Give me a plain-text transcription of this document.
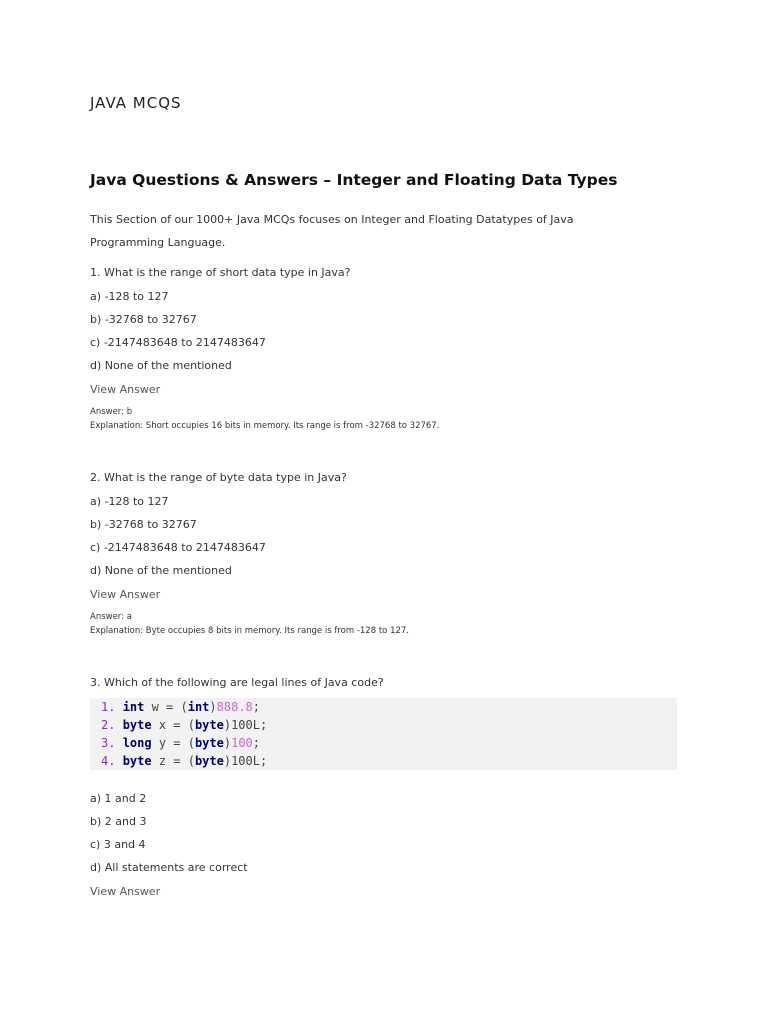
JAVA MCQS
Java Questions & Answers – Integer and Floating Data Types
This Section of our 1000+ Java MCQs focuses on Integer and Floating Datatypes of Java Programming Language.
1. What is the range of short data type in Java?
a) -128 to 127
b) -32768 to 32767
c) -2147483648 to 2147483647
d) None of the mentioned
View Answer
Answer: b
Explanation: Short occupies 16 bits in memory. Its range is from -32768 to 32767.
2. What is the range of byte data type in Java?
a) -128 to 127
b) -32768 to 32767
c) -2147483648 to 2147483647
d) None of the mentioned
View Answer
Answer: a
Explanation: Byte occupies 8 bits in memory. Its range is from -128 to 127.
3. Which of the following are legal lines of Java code?
1. int w = (int)888.8;
2. byte x = (byte)100L;
3. long y = (byte)100;
4. byte z = (byte)100L;
a) 1 and 2
b) 2 and 3
c) 3 and 4
d) All statements are correct
View Answer
